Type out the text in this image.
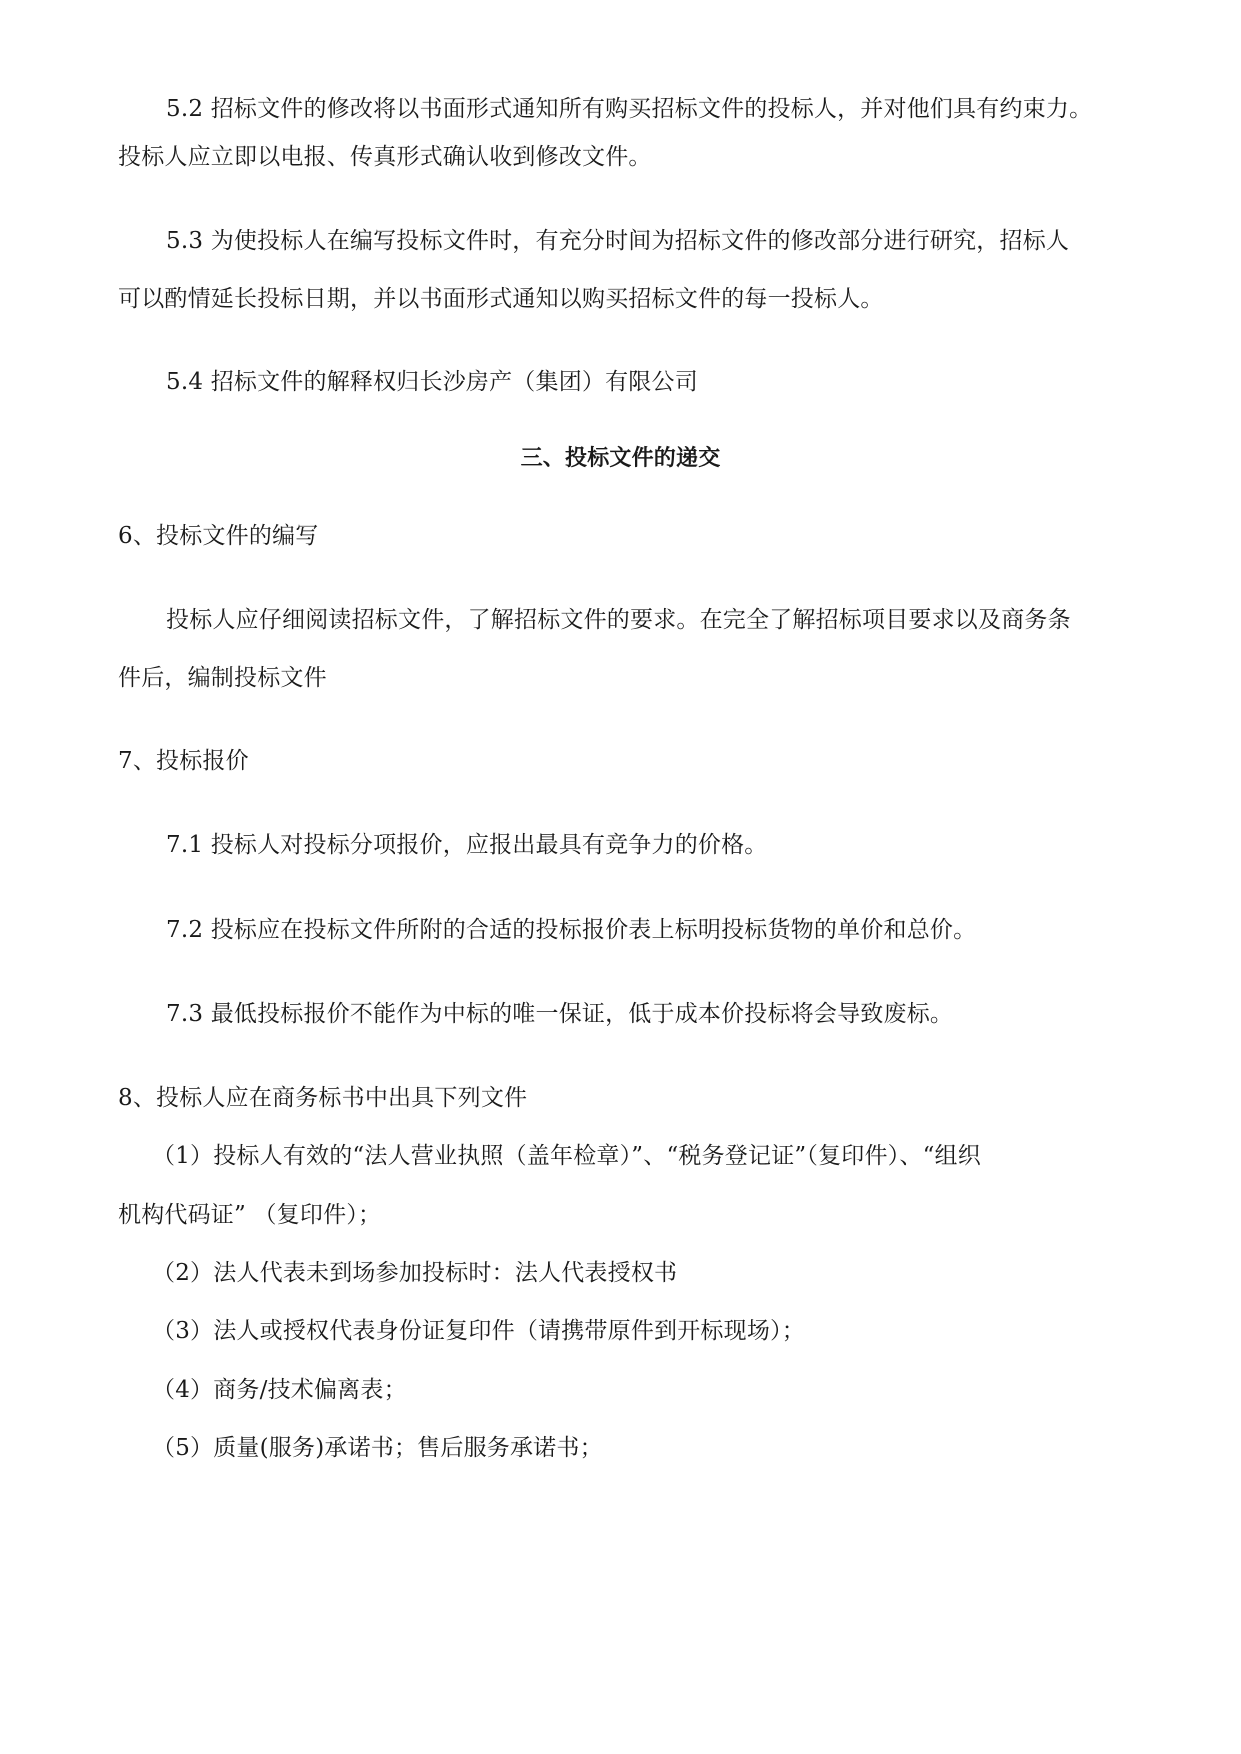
5.2 招标文件的修改将以书面形式通知所有购买招标文件的投标人，并对他们具有约束力。
投标人应立即以电报、传真形式确认收到修改文件。
5.3 为使投标人在编写投标文件时，有充分时间为招标文件的修改部分进行研究，招标人
可以酌情延长投标日期，并以书面形式通知以购买招标文件的每一投标人。
5.4 招标文件的解释权归长沙房产（集团）有限公司
三、投标文件的递交
6、投标文件的编写
投标人应仔细阅读招标文件，了解招标文件的要求。在完全了解招标项目要求以及商务条
件后，编制投标文件
7、投标报价
7.1 投标人对投标分项报价，应报出最具有竞争力的价格。
7.2 投标应在投标文件所附的合适的投标报价表上标明投标货物的单价和总价。
7.3 最低投标报价不能作为中标的唯一保证，低于成本价投标将会导致废标。
8、投标人应在商务标书中出具下列文件
（1）投标人有效的“法人营业执照（盖年检章）”、“税务登记证”（复印件）、“组织
机构代码证” （复印件）；
（2）法人代表未到场参加投标时：法人代表授权书
（3）法人或授权代表身份证复印件（请携带原件到开标现场）；
（4）商务/技术偏离表；
（5）质量(服务)承诺书；售后服务承诺书；
